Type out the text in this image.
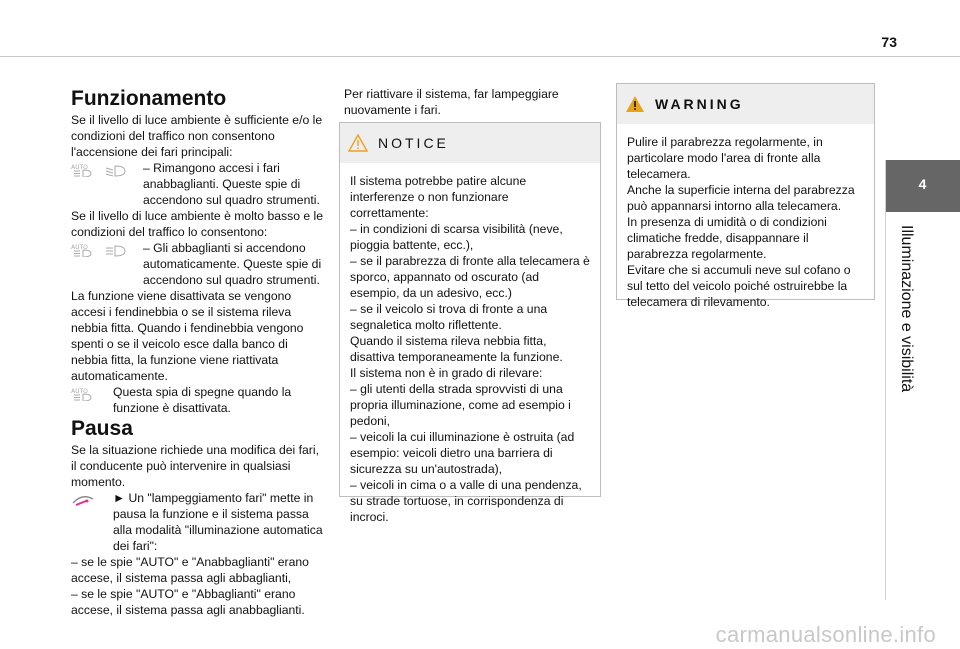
73
4
Illuminazione e visibilità

Funzionamento

Se il livello di luce ambiente è sufficiente e/o le condizioni del traffico non consentono l'accensione dei fari principali:

AUTO	– Rimangono accesi i fari anabbaglianti. Queste spie di accendono sul quadro strumenti.

Se il livello di luce ambiente è molto basso e le condizioni del traffico lo consentono:

AUTO	– Gli abbaglianti si accendono automaticamente. Queste spie di accendono sul quadro strumenti.

La funzione viene disattivata se vengono accesi i fendinebbia o se il sistema rileva nebbia fitta. Quando i fendinebbia vengono spenti o se il veicolo esce dalla banco di nebbia fitta, la funzione viene riattivata automaticamente.

AUTO Questa spia di spegne quando la funzione è disattivata.

Pausa

Se la situazione richiede una modifica dei fari, il conducente può intervenire in qualsiasi momento.

► Un "lampeggiamento fari" mette in pausa la funzione e il sistema passa alla modalità "illuminazione automatica dei fari":

– se le spie "AUTO" e "Anabbaglianti" erano accese, il sistema passa agli abbaglianti,

– se le spie "AUTO" e "Abbaglianti" erano accese, il sistema passa agli anabbaglianti.

Per riattivare il sistema, far lampeggiare nuovamente i fari.

NOTICE

Il sistema potrebbe patire alcune interferenze o non funzionare correttamente:

– in condizioni di scarsa visibilità (neve, pioggia battente, ecc.),

– se il parabrezza di fronte alla telecamera è sporco, appannato od oscurato (ad esempio, da un adesivo, ecc.)

– se il veicolo si trova di fronte a una segnaletica molto riflettente.

Quando il sistema rileva nebbia fitta, disattiva temporaneamente la funzione.

Il sistema non è in grado di rilevare:

– gli utenti della strada sprovvisti di una propria illuminazione, come ad esempio i pedoni,

– veicoli la cui illuminazione è ostruita (ad esempio: veicoli dietro una barriera di sicurezza su un'autostrada),

– veicoli in cima o a valle di una pendenza, su strade tortuose, in corrispondenza di incroci.

WARNING

Pulire il parabrezza regolarmente, in particolare modo l'area di fronte alla telecamera.

Anche la superficie interna del parabrezza può appannarsi intorno alla telecamera.

In presenza di umidità o di condizioni climatiche fredde, disappannare il parabrezza regolarmente.

Evitare che si accumuli neve sul cofano o sul tetto del veicolo poiché ostruirebbe la telecamera di rilevamento.

carmanualsonline.info
